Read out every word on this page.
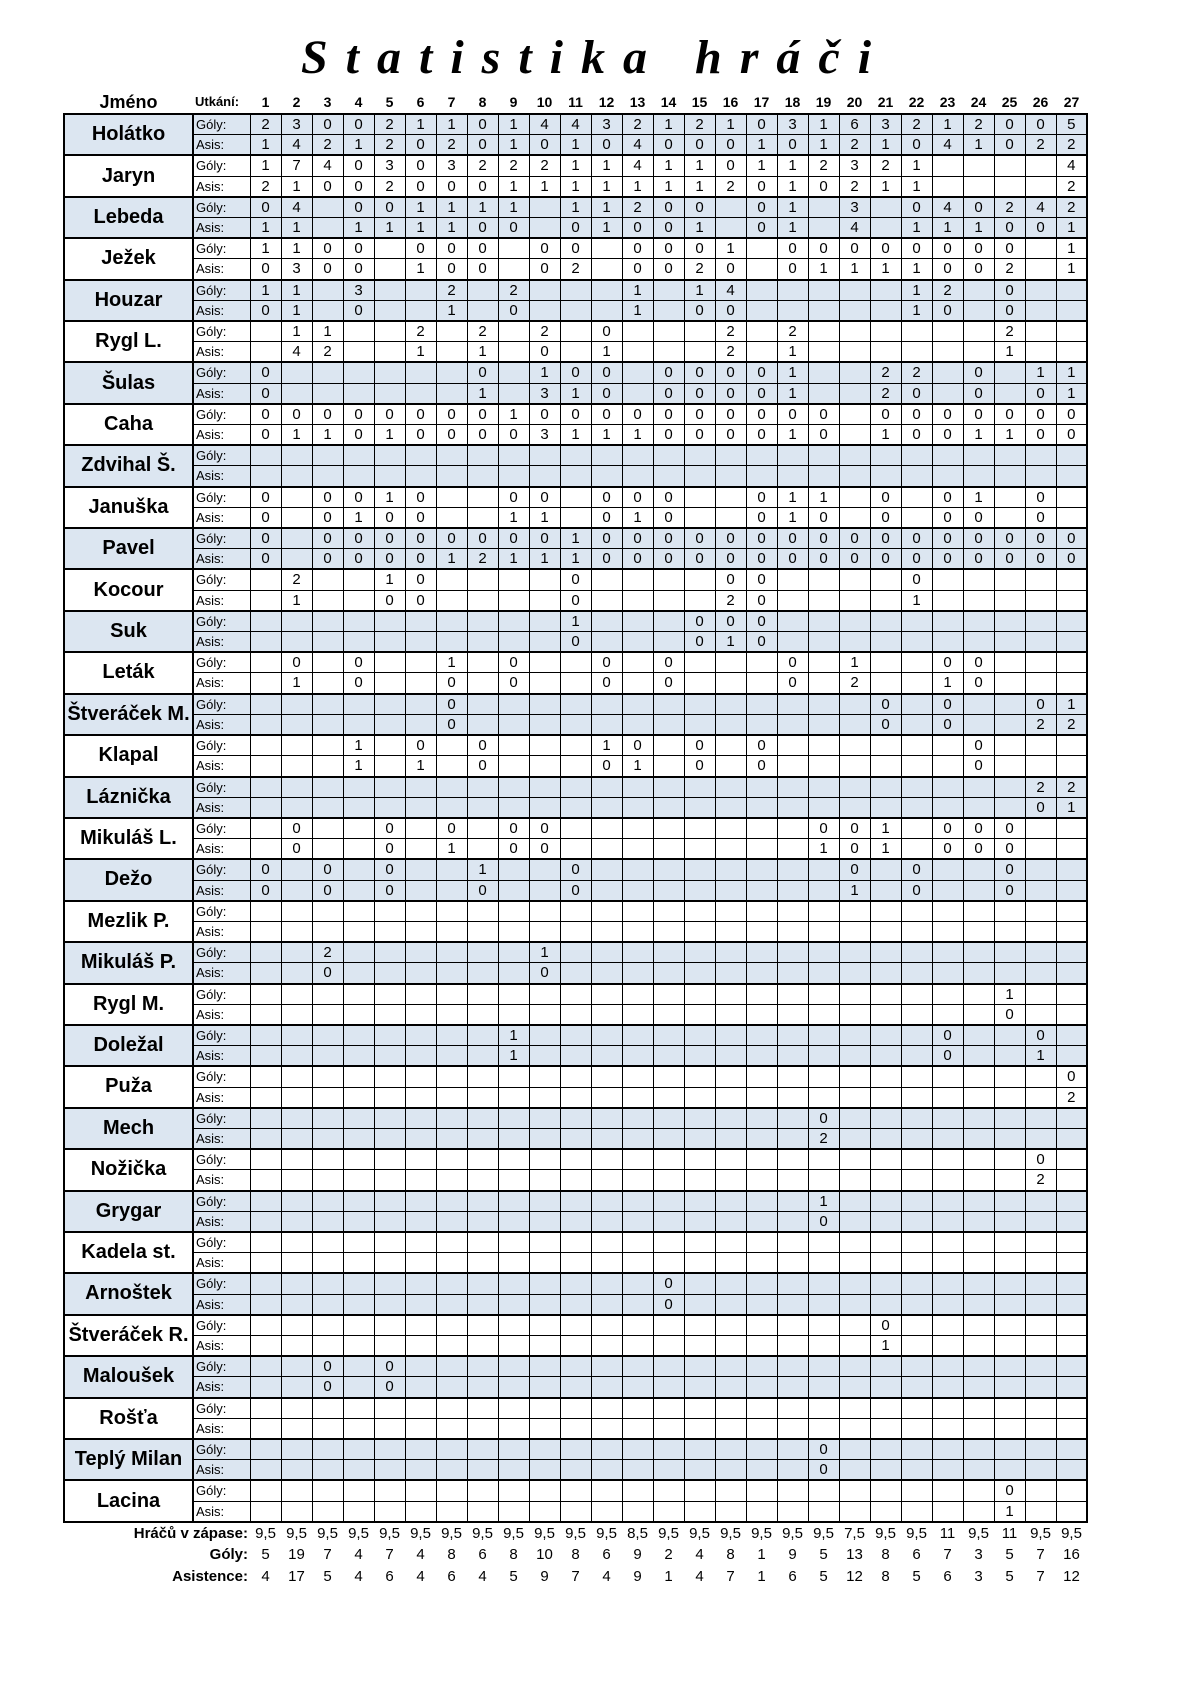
Statistika hráči
Jméno	Utkání:	1	2	3	4	5	6	7	8	9	10	11	12	13	14	15	16	17	18	19	20	21	22	23	24	25	26	27
Holátko	Góly:	2	3	0	0	2	1	1	0	1	4	4	3	2	1	2	1	0	3	1	6	3	2	1	2	0	0	5
	Asis:	1	4	2	1	2	0	2	0	1	0	1	0	4	0	0	0	1	0	1	2	1	0	4	1	0	2	2
Jaryn	Góly:	1	7	4	0	3	0	3	2	2	2	1	1	4	1	1	0	1	1	2	3	2	1					4
	Asis:	2	1	0	0	2	0	0	0	1	1	1	1	1	1	1	2	0	1	0	2	1	1					2
Lebeda	Góly:	0	4		0	0	1	1	1	1		1	1	2	0	0		0	1		3		0	4	0	2	4	2
	Asis:	1	1		1	1	1	1	0	0		0	1	0	0	1		0	1		4		1	1	1	0	0	1
Ježek	Góly:	1	1	0	0		0	0	0		0	0		0	0	0	1		0	0	0	0	0	0	0	0		1
	Asis:	0	3	0	0		1	0	0		0	2		0	0	2	0		0	1	1	1	1	0	0	2		1
Houzar	Góly:	1	1		3			2		2				1		1	4						1	2		0		
	Asis:	0	1		0			1		0				1		0	0						1	0		0		
Rygl L.	Góly:		1	1			2		2		2		0				2		2							2		
	Asis:		4	2			1		1		0		1				2		1							1		
Šulas	Góly:	0							0		1	0	0		0	0	0	0	1			2	2		0		1	1
	Asis:	0							1		3	1	0		0	0	0	0	1			2	0		0		0	1
Caha	Góly:	0	0	0	0	0	0	0	0	1	0	0	0	0	0	0	0	0	0	0		0	0	0	0	0	0	0
	Asis:	0	1	1	0	1	0	0	0	0	3	1	1	1	0	0	0	0	1	0		1	0	0	1	1	0	0
Zdvihal Š.	Góly:																											
	Asis:																											
Januška	Góly:	0		0	0	1	0			0	0		0	0	0			0	1	1		0		0	1		0	
	Asis:	0		0	1	0	0			1	1		0	1	0			0	1	0		0		0	0		0	
Pavel	Góly:	0		0	0	0	0	0	0	0	0	1	0	0	0	0	0	0	0	0	0	0	0	0	0	0	0	0
	Asis:	0		0	0	0	0	1	2	1	1	1	0	0	0	0	0	0	0	0	0	0	0	0	0	0	0	0
Kocour	Góly:		2			1	0					0					0	0					0					
	Asis:		1			0	0					0					2	0					1					
Suk	Góly:											1				0	0	0										
	Asis:											0				0	1	0										
Leták	Góly:		0		0			1		0			0		0				0		1			0	0			
	Asis:		1		0			0		0			0		0				0		2			1	0			
Štveráček M.	Góly:							0														0		0			0	1
	Asis:							0														0		0			2	2
Klapal	Góly:				1		0		0				1	0		0		0							0			
	Asis:				1		1		0				0	1		0		0							0			
Láznička	Góly:																										2	2
	Asis:																										0	1
Mikuláš L.	Góly:		0			0		0		0	0									0	0	1		0	0	0		
	Asis:		0			0		1		0	0									1	0	1		0	0	0		
Dežo	Góly:	0		0		0			1			0									0		0			0		
	Asis:	0		0		0			0			0									1		0			0		
Mezlik P.	Góly:																											
	Asis:																											
Mikuláš P.	Góly:			2							1																	
	Asis:			0							0																	
Rygl M.	Góly:																									1		
	Asis:																									0		
Doležal	Góly:									1														0			0	
	Asis:									1														0			1	
Puža	Góly:																											0
	Asis:																											2
Mech	Góly:																			0								
	Asis:																			2								
Nožička	Góly:																										0	
	Asis:																										2	
Grygar	Góly:																			1								
	Asis:																			0								
Kadela st.	Góly:																											
	Asis:																											
Arnoštek	Góly:														0													
	Asis:														0													
Štveráček R.	Góly:																					0						
	Asis:																					1						
Maloušek	Góly:			0		0																						
	Asis:			0		0																						
Rošťa	Góly:																											
	Asis:																											
Teplý Milan	Góly:																			0								
	Asis:																			0								
Lacina	Góly:																									0		
	Asis:																									1		
Hráčů v zápase:		9,5	9,5	9,5	9,5	9,5	9,5	9,5	9,5	9,5	9,5	9,5	9,5	8,5	9,5	9,5	9,5	9,5	9,5	9,5	7,5	9,5	9,5	11	9,5	11	9,5	9,5
Góly:		5	19	7	4	7	4	8	6	8	10	8	6	9	2	4	8	1	9	5	13	8	6	7	3	5	7	16
Asistence:		4	17	5	4	6	4	6	4	5	9	7	4	9	1	4	7	1	6	5	12	8	5	6	3	5	7	12
